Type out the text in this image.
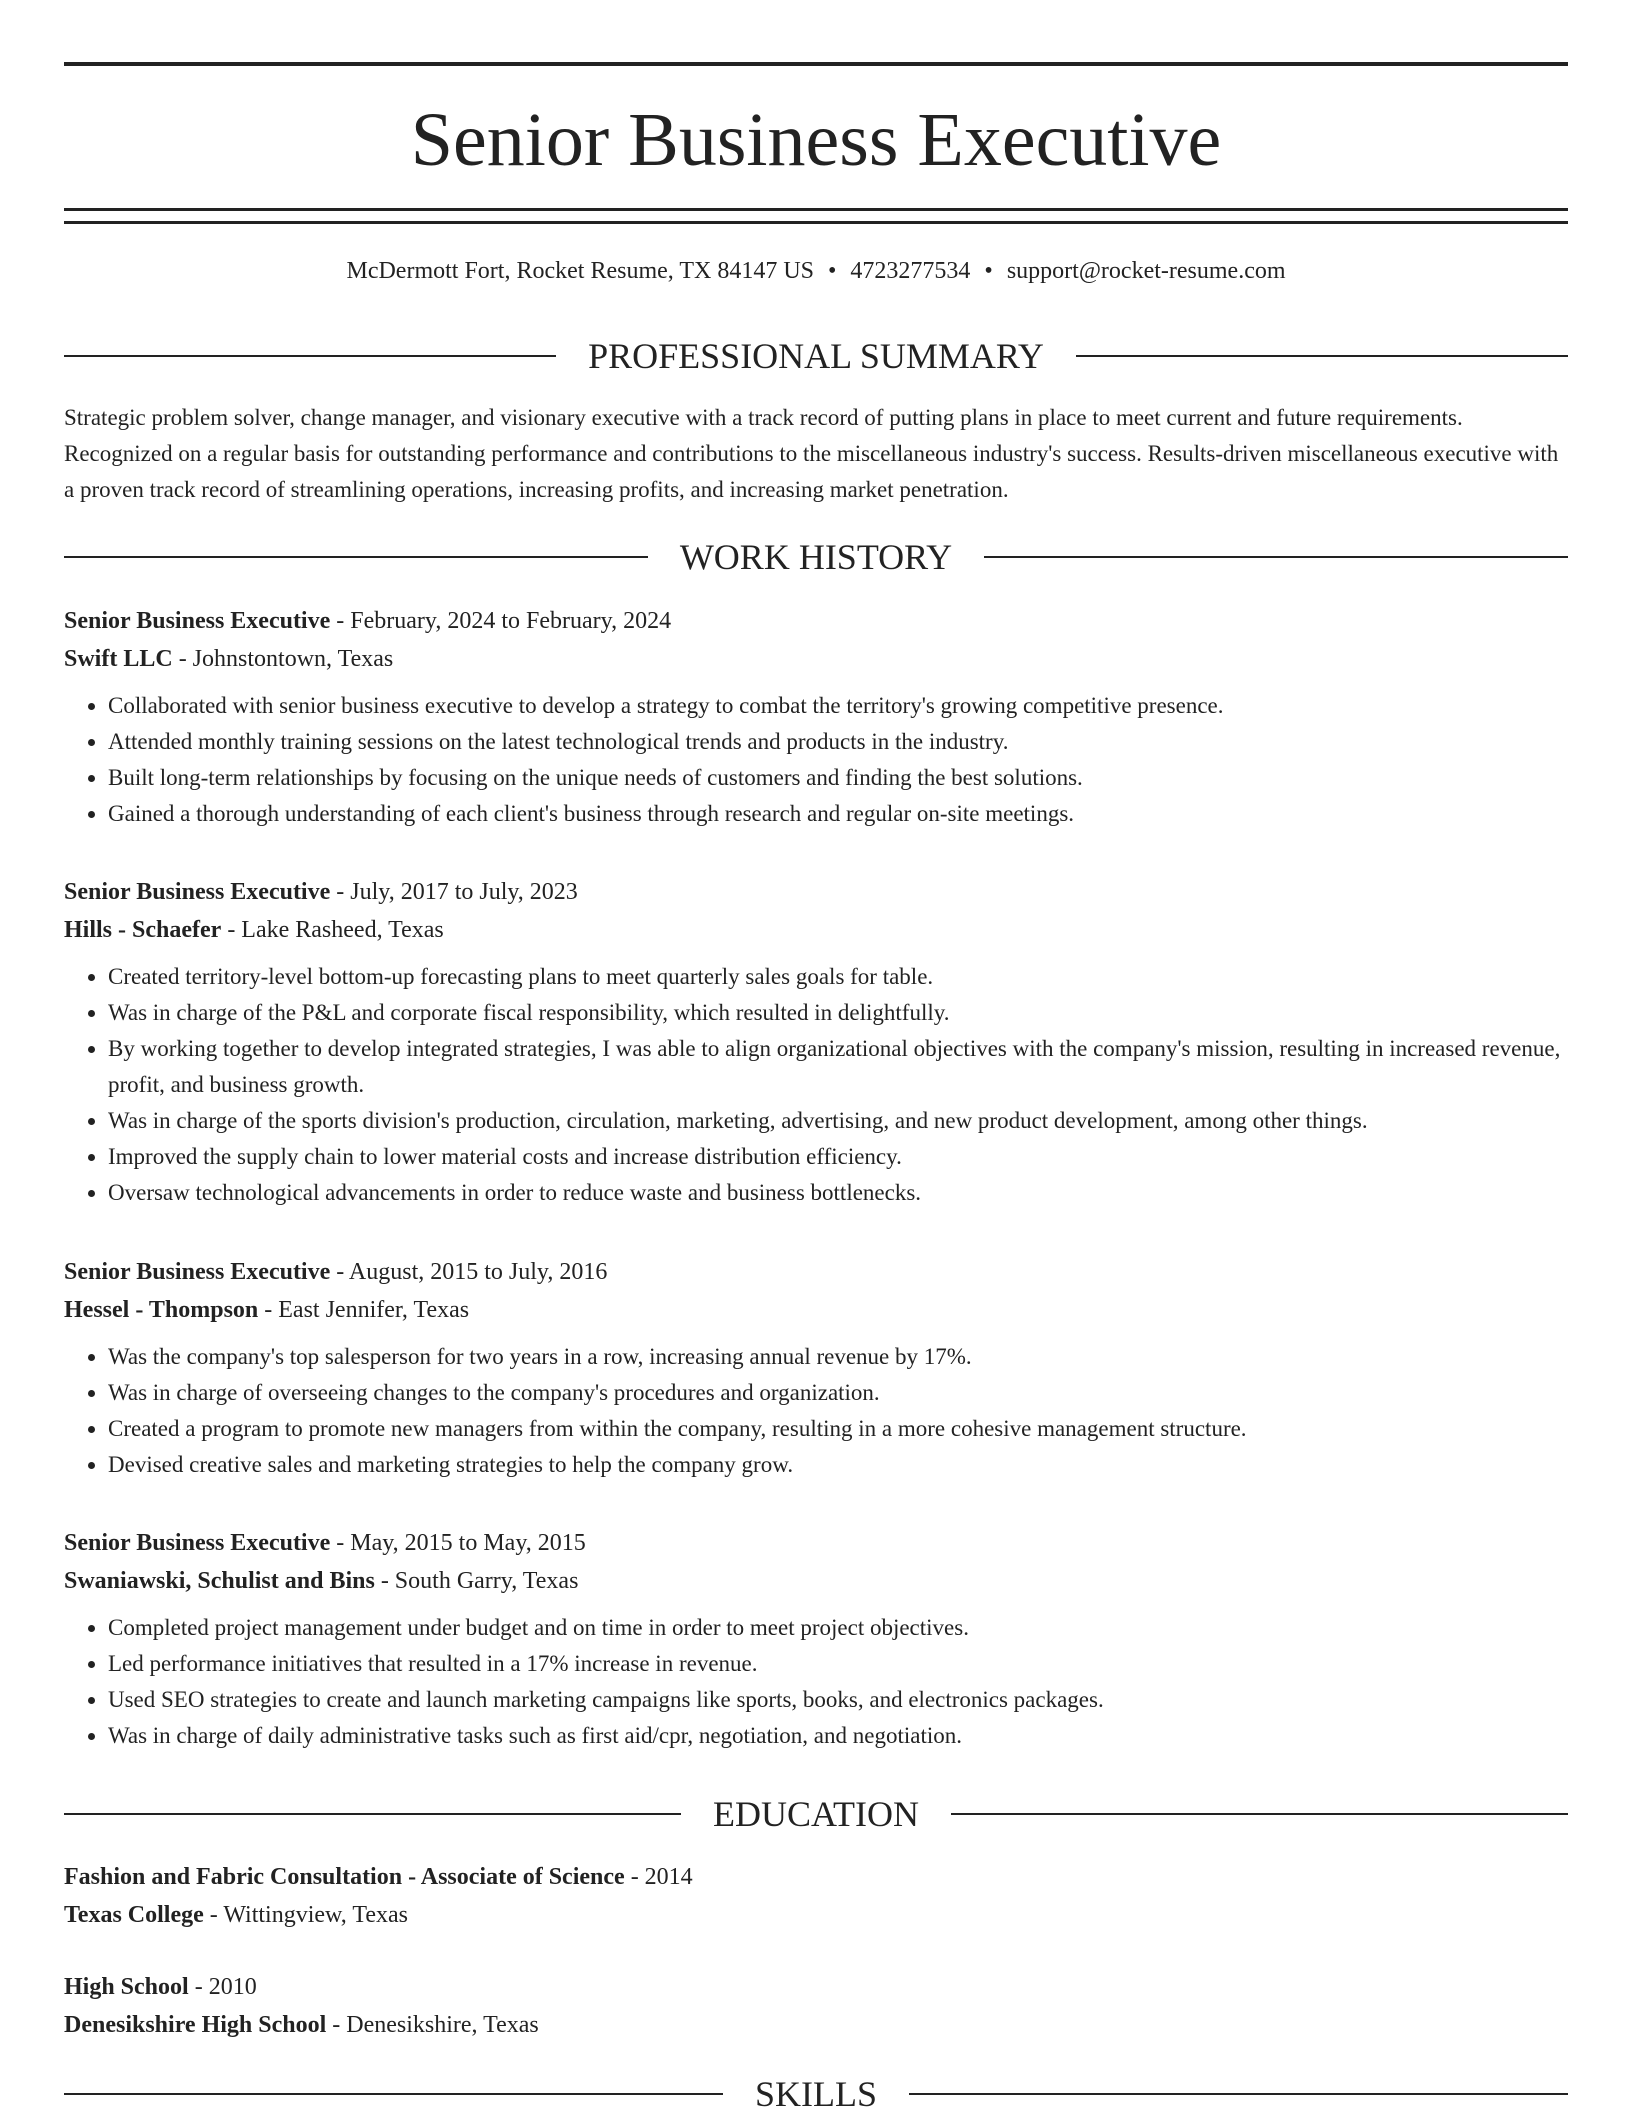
Senior Business Executive
McDermott Fort, Rocket Resume, TX 84147 US • 4723277534 • support@rocket-resume.com
PROFESSIONAL SUMMARY

Strategic problem solver, change manager, and visionary executive with a track record of putting plans in place to meet current and future requirements. Recognized on a regular basis for outstanding performance and contributions to the miscellaneous industry's success. Results-driven miscellaneous executive with a proven track record of streamlining operations, increasing profits, and increasing market penetration.

WORK HISTORY
Senior Business Executive - February, 2024 to February, 2024
Swift LLC - Johnstontown, Texas
• Collaborated with senior business executive to develop a strategy to combat the territory's growing competitive presence.
• Attended monthly training sessions on the latest technological trends and products in the industry.
• Built long-term relationships by focusing on the unique needs of customers and finding the best solutions.
• Gained a thorough understanding of each client's business through research and regular on-site meetings.
Senior Business Executive - July, 2017 to July, 2023
Hills - Schaefer - Lake Rasheed, Texas
• Created territory-level bottom-up forecasting plans to meet quarterly sales goals for table.
• Was in charge of the P&L and corporate fiscal responsibility, which resulted in delightfully.
• By working together to develop integrated strategies, I was able to align organizational objectives with the company's mission, resulting in increased revenue, profit, and business growth.
• Was in charge of the sports division's production, circulation, marketing, advertising, and new product development, among other things.
• Improved the supply chain to lower material costs and increase distribution efficiency.
• Oversaw technological advancements in order to reduce waste and business bottlenecks.
Senior Business Executive - August, 2015 to July, 2016
Hessel - Thompson - East Jennifer, Texas
• Was the company's top salesperson for two years in a row, increasing annual revenue by 17%.
• Was in charge of overseeing changes to the company's procedures and organization.
• Created a program to promote new managers from within the company, resulting in a more cohesive management structure.
• Devised creative sales and marketing strategies to help the company grow.
Senior Business Executive - May, 2015 to May, 2015
Swaniawski, Schulist and Bins - South Garry, Texas
• Completed project management under budget and on time in order to meet project objectives.
• Led performance initiatives that resulted in a 17% increase in revenue.
• Used SEO strategies to create and launch marketing campaigns like sports, books, and electronics packages.
• Was in charge of daily administrative tasks such as first aid/cpr, negotiation, and negotiation.
EDUCATION
Fashion and Fabric Consultation - Associate of Science - 2014
Texas College - Wittingview, Texas
High School - 2010
Denesikshire High School - Denesikshire, Texas
SKILLS
